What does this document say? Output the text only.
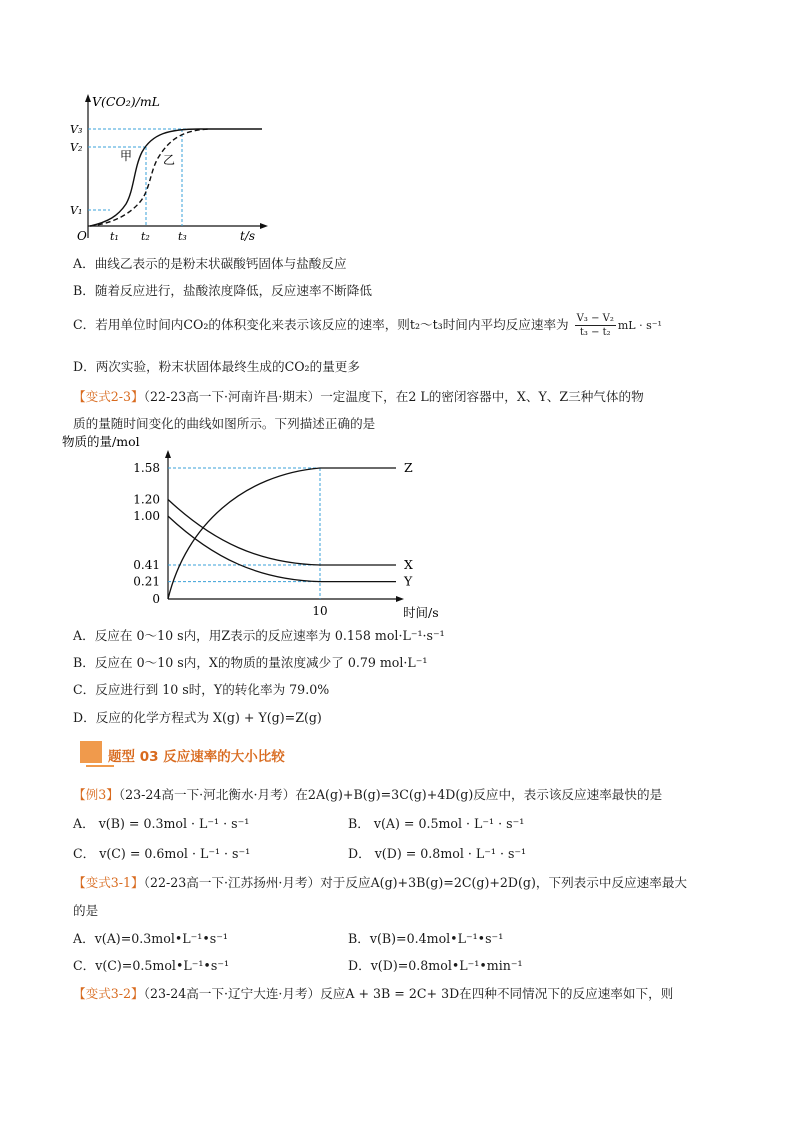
V(CO₂)/mL
V₃
V₂
V₁
O t₁ t₂	t₃	t/s
甲	乙
A．曲线乙表示的是粉末状碳酸钙固体与盐酸反应
B．随着反应进行，盐酸浓度降低，反应速率不断降低
C．若用单位时间内CO₂的体积变化来表示该反应的速率，则t₂～t₃时间内平均反应速率为 $\frac{\text{V₃ − V₂}}{\text{t₃ − t₂}}$ mL · s⁻¹
D．两次实验，粉末状固体最终生成的CO₂的量更多
【变式2-3】（22-23高一下·河南许昌·期末）一定温度下，在2 L的密闭容器中，X、Y、Z三种气体的物
质的量随时间变化的曲线如图所示。下列描述正确的是
Z
X
Y
物质的量/mol
时间/s
1.58
1.20
1.00
0.41
0.21
0
10
A．反应在 0～10 s内，用Z表示的反应速率为 0.158 mol·L⁻¹·s⁻¹
B．反应在 0～10 s内，X的物质的量浓度减少了 0.79 mol·L⁻¹
C．反应进行到 10 s时，Y的转化率为 79.0%
D．反应的化学方程式为 X(g) + Y(g)=Z(g)
题型 03 反应速率的大小比较
【例3】（23-24高一下·河北衡水·月考）在2A(g)+B(g)=3C(g)+4D(g)反应中，表示该反应速率最快的是
A． v(B) = 0.3mol · L⁻¹ · s⁻¹	B． v(A) = 0.5mol · L⁻¹ · s⁻¹
C． v(C) = 0.6mol · L⁻¹ · s⁻¹	D． v(D) = 0.8mol · L⁻¹ · s⁻¹
【变式3-1】（22-23高一下·江苏扬州·月考）对于反应A(g)+3B(g)=2C(g)+2D(g)，下列表示中反应速率最大
的是
A．v(A)=0.3mol•L⁻¹•s⁻¹	B．v(B)=0.4mol•L⁻¹•s⁻¹
C．v(C)=0.5mol•L⁻¹•s⁻¹	D．v(D)=0.8mol•L⁻¹•min⁻¹
【变式3-2】（23-24高一下·辽宁大连·月考）反应A + 3B = 2C+ 3D在四种不同情况下的反应速率如下，则
